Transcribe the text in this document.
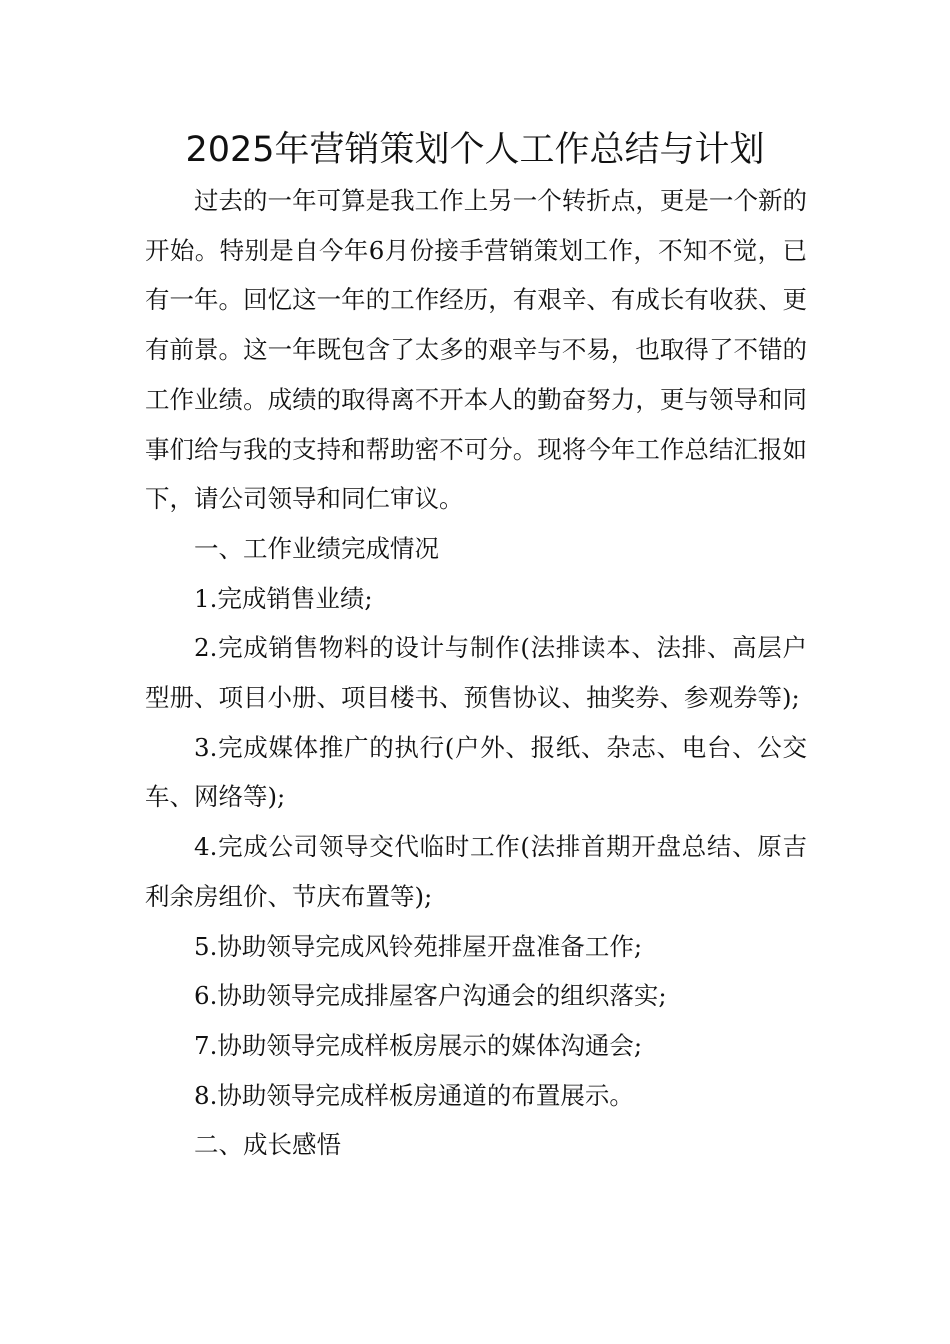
2025年营销策划个人工作总结与计划

过去的一年可算是我工作上另一个转折点，更是一个新的开始。特别是自今年6月份接手营销策划工作，不知不觉，已有一年。回忆这一年的工作经历，有艰辛、有成长有收获、更有前景。这一年既包含了太多的艰辛与不易，也取得了不错的工作业绩。成绩的取得离不开本人的勤奋努力，更与领导和同事们给与我的支持和帮助密不可分。现将今年工作总结汇报如下，请公司领导和同仁审议。

一、工作业绩完成情况

1.完成销售业绩;

2.完成销售物料的设计与制作(法排读本、法排、高层户型册、项目小册、项目楼书、预售协议、抽奖券、参观券等);

3.完成媒体推广的执行(户外、报纸、杂志、电台、公交车、网络等);

4.完成公司领导交代临时工作(法排首期开盘总结、原吉利余房组价、节庆布置等);

5.协助领导完成风铃苑排屋开盘准备工作;

6.协助领导完成排屋客户沟通会的组织落实;

7.协助领导完成样板房展示的媒体沟通会;

8.协助领导完成样板房通道的布置展示。

二、成长感悟
